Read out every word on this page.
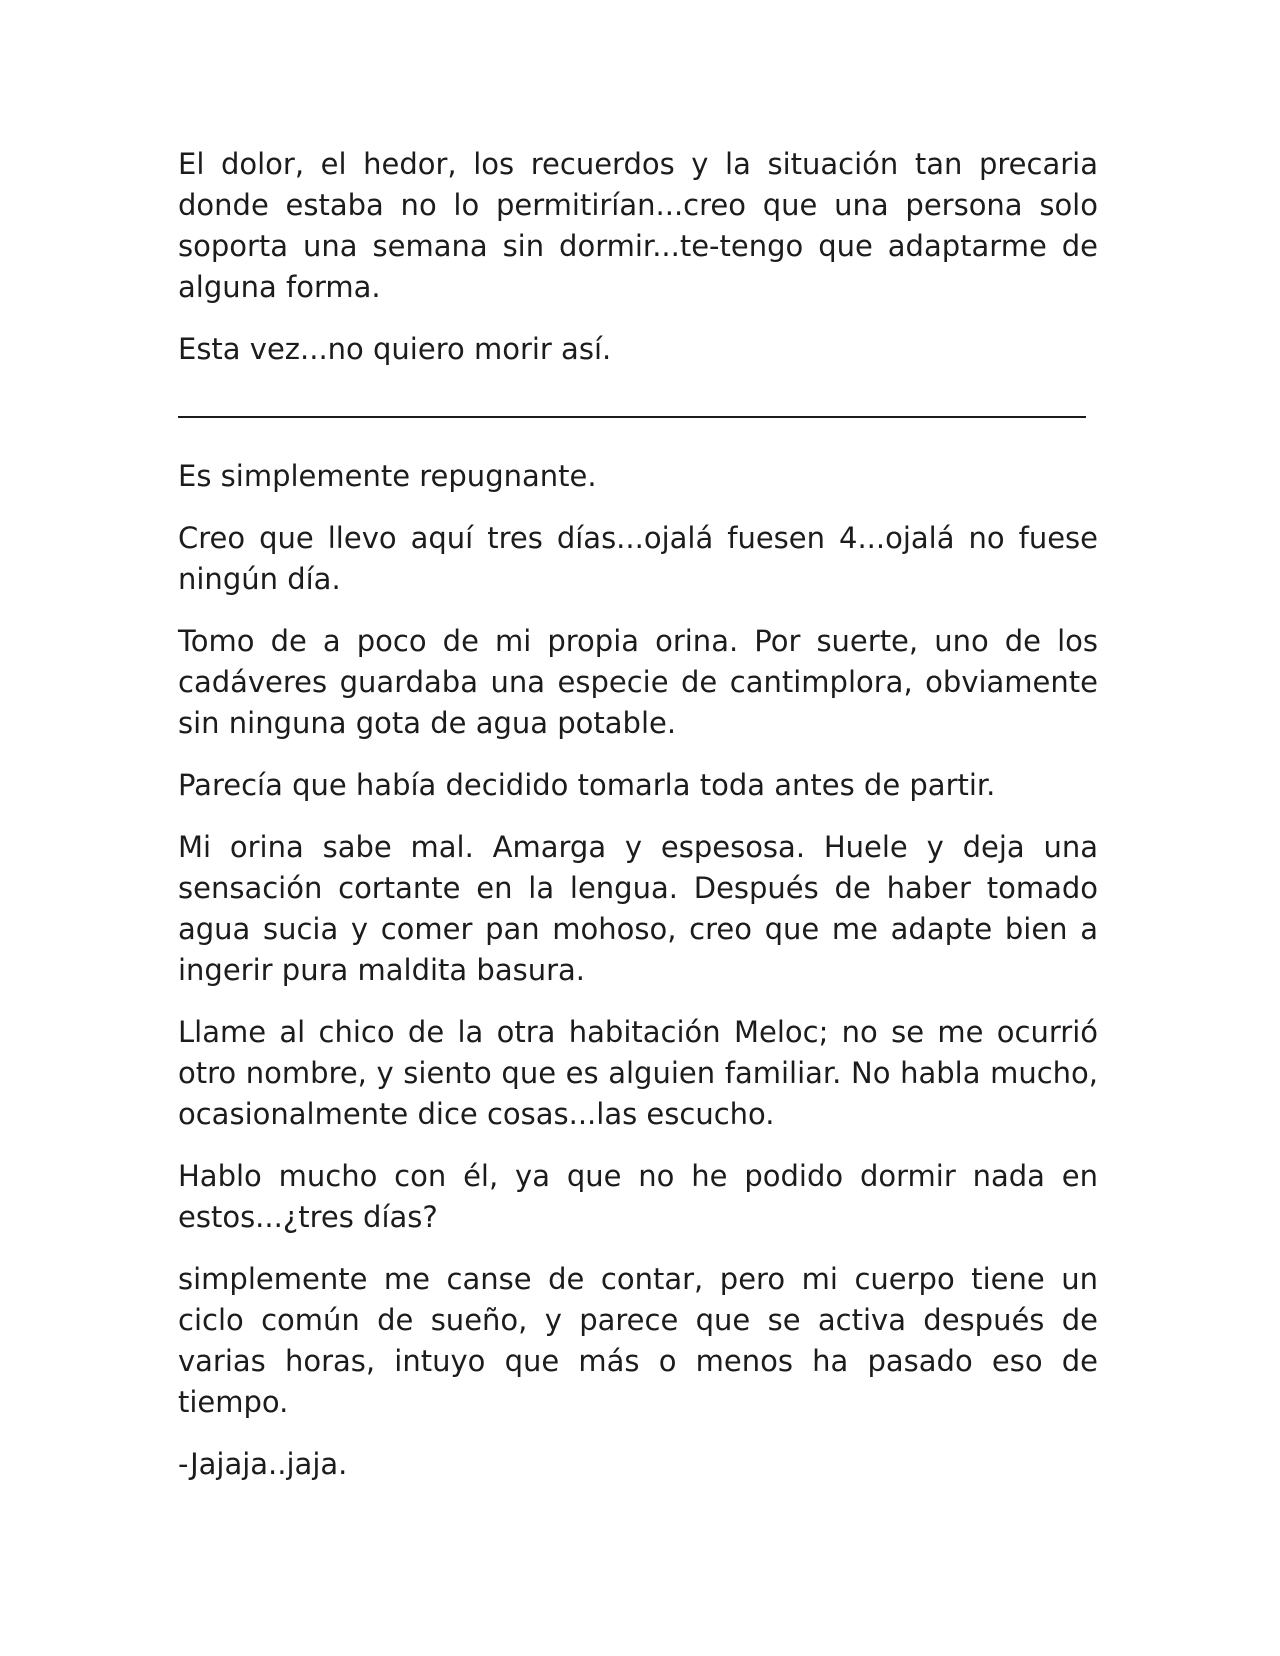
El dolor, el hedor, los recuerdos y la situación tan precaria donde estaba no lo permitirían...creo que una persona solo soporta una semana sin dormir...te-tengo que adaptarme de alguna forma.

Esta vez...no quiero morir así.

Es simplemente repugnante.

Creo que llevo aquí tres días...ojalá fuesen 4...ojalá no fuese ningún día.

Tomo de a poco de mi propia orina. Por suerte, uno de los cadáveres guardaba una especie de cantimplora, obviamente sin ninguna gota de agua potable.

Parecía que había decidido tomarla toda antes de partir.

Mi orina sabe mal. Amarga y espesosa. Huele y deja una sensación cortante en la lengua. Después de haber tomado agua sucia y comer pan mohoso, creo que me adapte bien a ingerir pura maldita basura.

Llame al chico de la otra habitación Meloc; no se me ocurrió otro nombre, y siento que es alguien familiar. No habla mucho, ocasionalmente dice cosas...las escucho.

Hablo mucho con él, ya que no he podido dormir nada en estos...¿tres días?

simplemente me canse de contar, pero mi cuerpo tiene un ciclo común de sueño, y parece que se activa después de varias horas, intuyo que más o menos ha pasado eso de tiempo.

-Jajaja..jaja.
